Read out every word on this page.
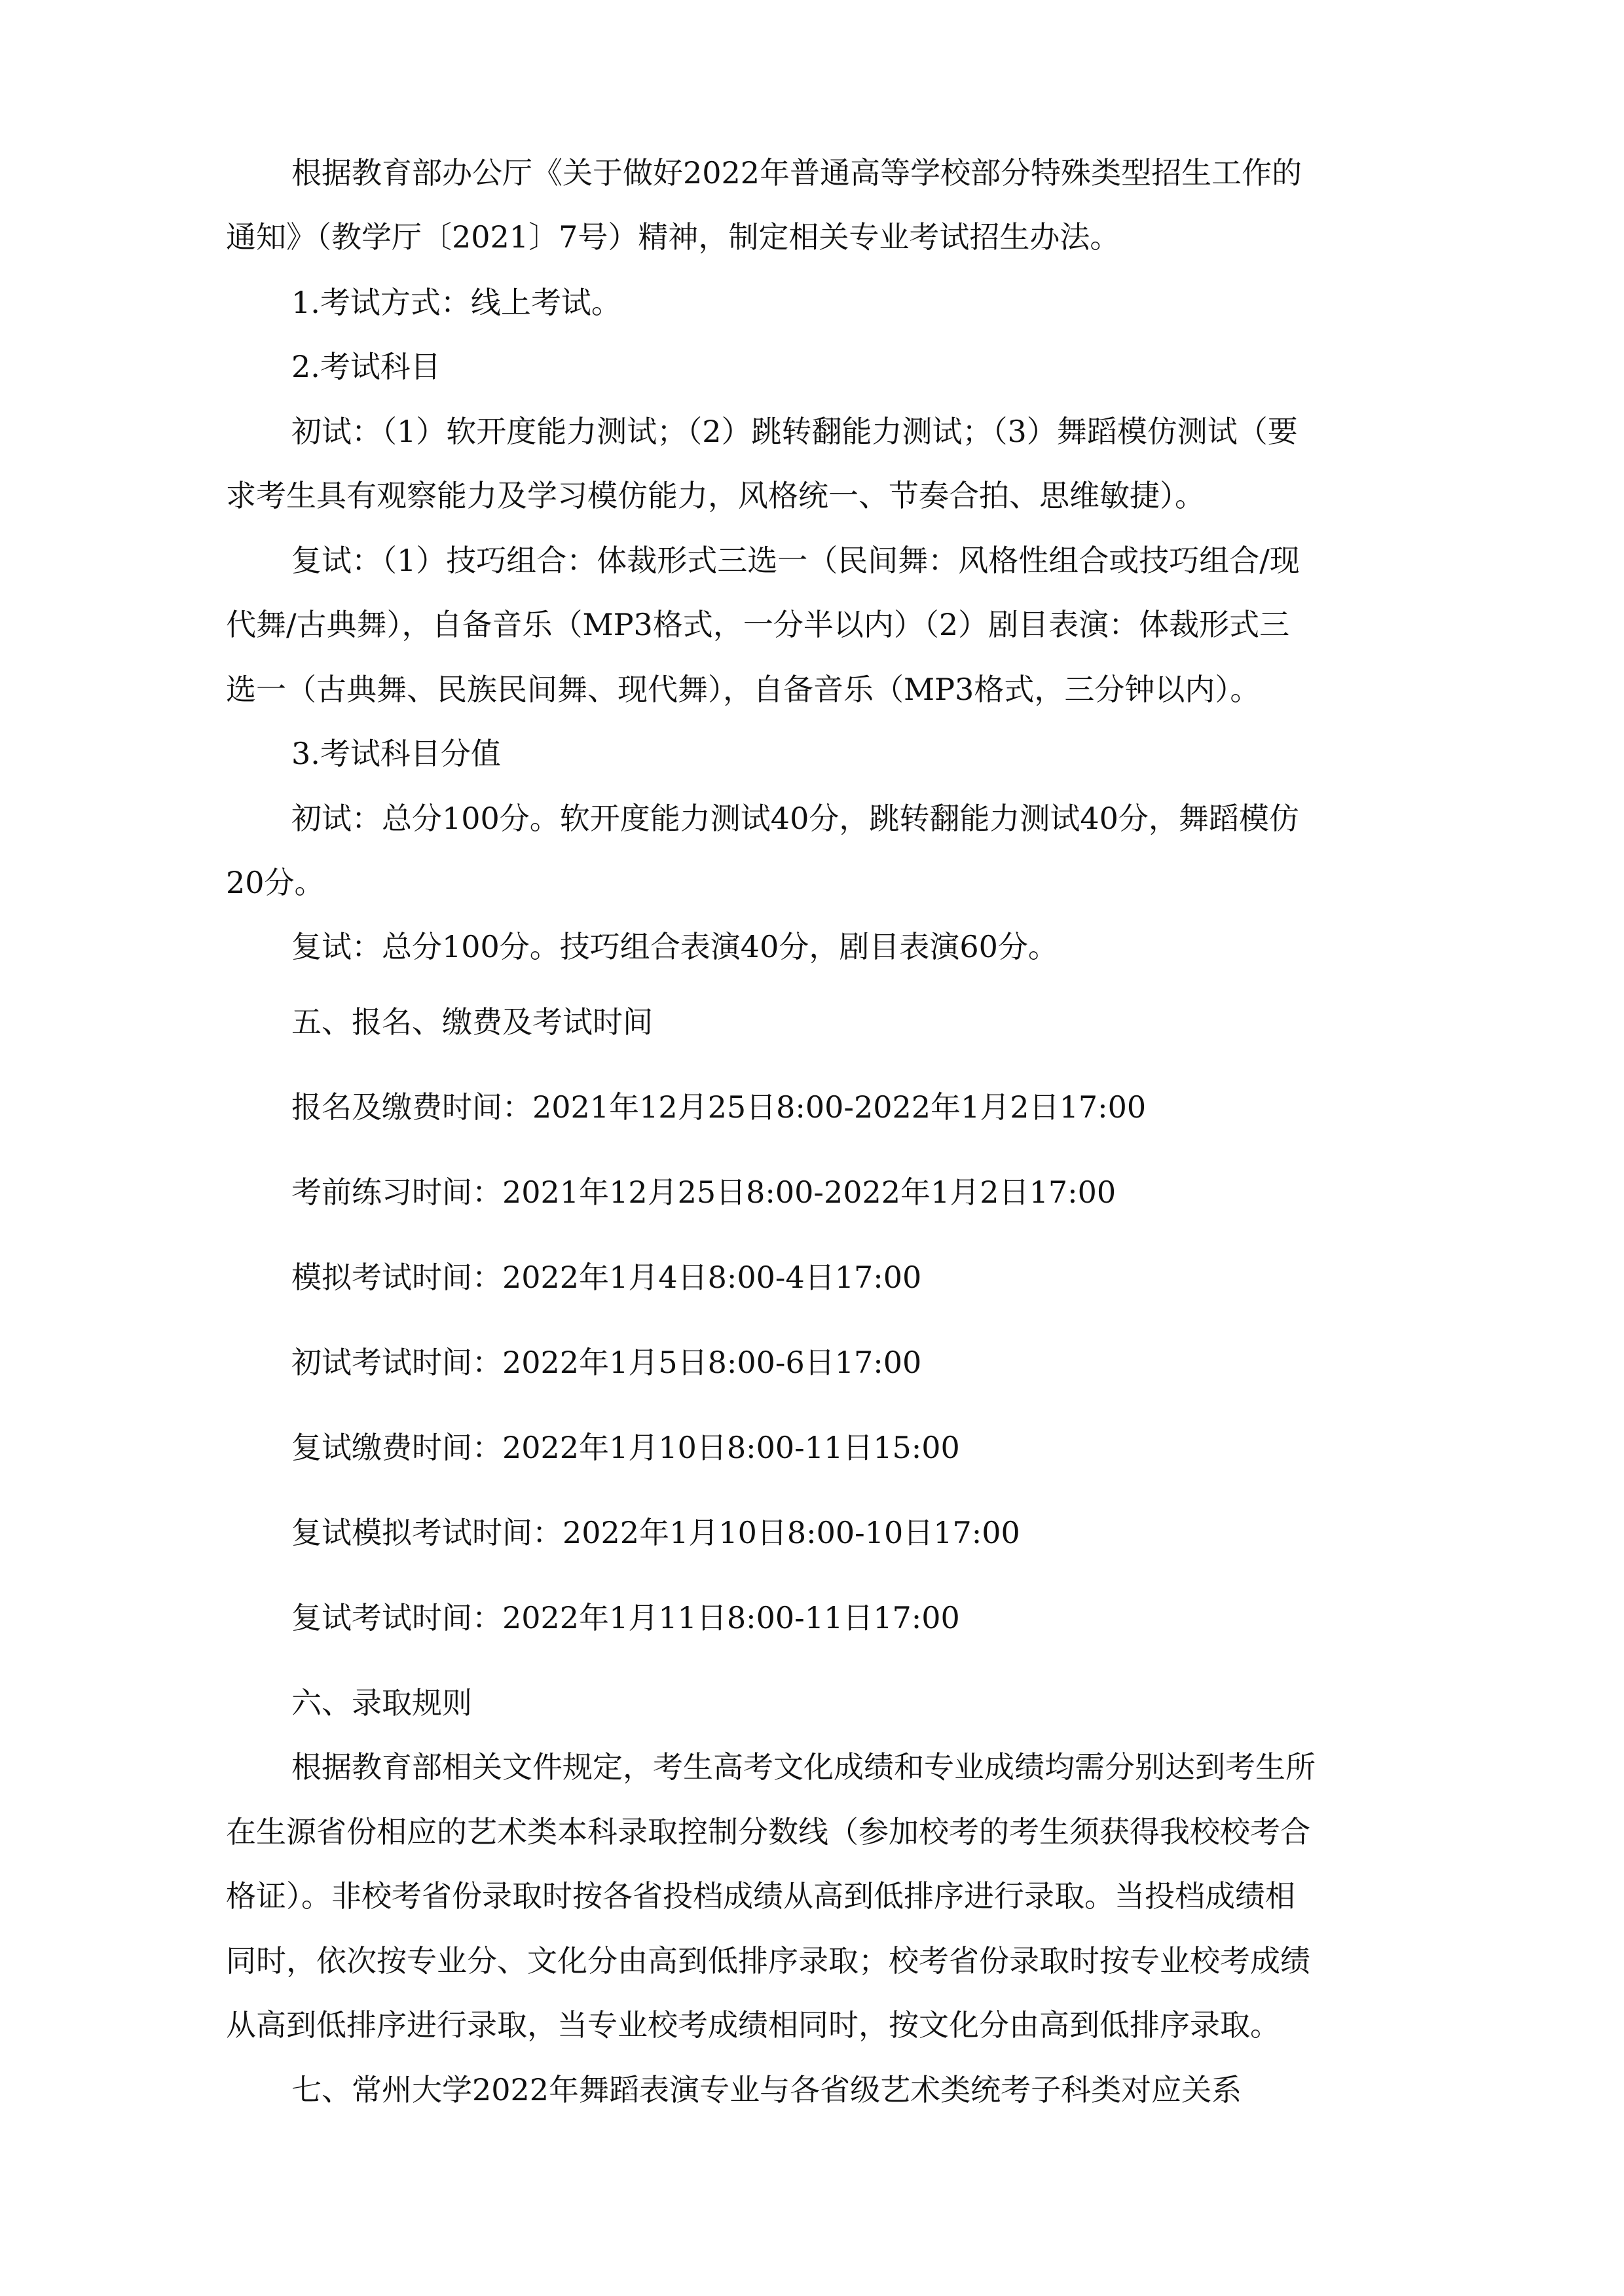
根据教育部办公厅《关于做好2022年普通高等学校部分特殊类型招生工作的
通知》（教学厅〔2021〕7号）精神，制定相关专业考试招生办法。
1.考试方式：线上考试。
2.考试科目
初试：（1）软开度能力测试；（2）跳转翻能力测试；（3）舞蹈模仿测试（要
求考生具有观察能力及学习模仿能力，风格统一、节奏合拍、思维敏捷）。
复试：（1）技巧组合：体裁形式三选一（民间舞：风格性组合或技巧组合/现
代舞/古典舞），自备音乐（MP3格式，一分半以内）（2）剧目表演：体裁形式三
选一（古典舞、民族民间舞、现代舞），自备音乐（MP3格式，三分钟以内）。
3.考试科目分值
初试：总分100分。软开度能力测试40分，跳转翻能力测试40分，舞蹈模仿
20分。
复试：总分100分。技巧组合表演40分，剧目表演60分。
五、报名、缴费及考试时间
报名及缴费时间：2021年12月25日8:00-2022年1月2日17:00
考前练习时间：2021年12月25日8:00-2022年1月2日17:00
模拟考试时间：2022年1月4日8:00-4日17:00
初试考试时间：2022年1月5日8:00-6日17:00
复试缴费时间：2022年1月10日8:00-11日15:00
复试模拟考试时间：2022年1月10日8:00-10日17:00
复试考试时间：2022年1月11日8:00-11日17:00
六、录取规则
根据教育部相关文件规定，考生高考文化成绩和专业成绩均需分别达到考生所
在生源省份相应的艺术类本科录取控制分数线（参加校考的考生须获得我校校考合
格证）。非校考省份录取时按各省投档成绩从高到低排序进行录取。当投档成绩相
同时，依次按专业分、文化分由高到低排序录取；校考省份录取时按专业校考成绩
从高到低排序进行录取，当专业校考成绩相同时，按文化分由高到低排序录取。
七、常州大学2022年舞蹈表演专业与各省级艺术类统考子科类对应关系
